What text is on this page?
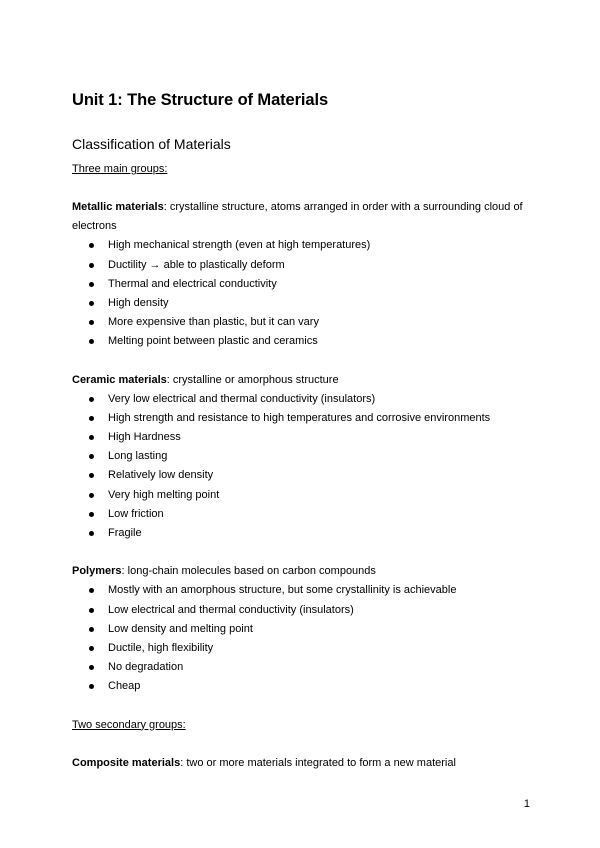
Unit 1: The Structure of Materials
Classification of Materials
Three main groups:

Metallic materials: crystalline structure, atoms arranged in order with a surrounding cloud of electrons

High mechanical strength (even at high temperatures)
Ductility → able to plastically deform
Thermal and electrical conductivity
High density
More expensive than plastic, but it can vary
Melting point between plastic and ceramics

Ceramic materials: crystalline or amorphous structure

Very low electrical and thermal conductivity (insulators)
High strength and resistance to high temperatures and corrosive environments
High Hardness
Long lasting
Relatively low density
Very high melting point
Low friction
Fragile

Polymers: long-chain molecules based on carbon compounds

Mostly with an amorphous structure, but some crystallinity is achievable
Low electrical and thermal conductivity (insulators)
Low density and melting point
Ductile, high flexibility
No degradation
Cheap
Two secondary groups:

Composite materials: two or more materials integrated to form a new material

1
